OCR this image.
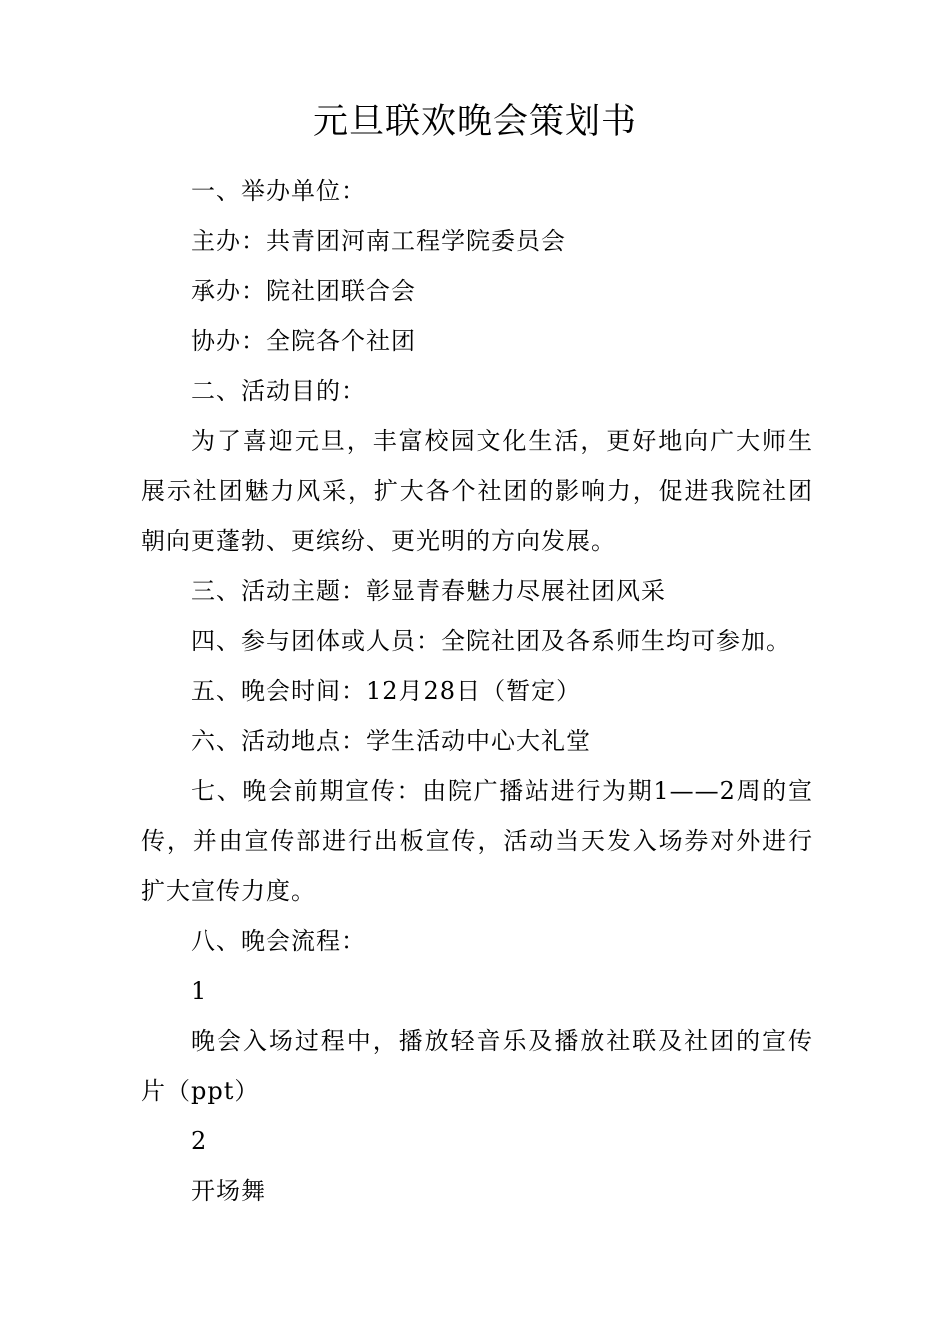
元旦联欢晚会策划书

一、举办单位：

主办：共青团河南工程学院委员会

承办：院社团联合会

协办：全院各个社团

二、活动目的：

为了喜迎元旦，丰富校园文化生活，更好地向广大师生展示社团魅力风采，扩大各个社团的影响力，促进我院社团朝向更蓬勃、更缤纷、更光明的方向发展。

三、活动主题：彰显青春魅力尽展社团风采

四、参与团体或人员：全院社团及各系师生均可参加。

五、晚会时间：12月28日（暂定）

六、活动地点：学生活动中心大礼堂

七、晚会前期宣传：由院广播站进行为期1——2周的宣传，并由宣传部进行出板宣传，活动当天发入场券对外进行扩大宣传力度。

八、晚会流程：

1

晚会入场过程中，播放轻音乐及播放社联及社团的宣传片（ppt）

2

开场舞
